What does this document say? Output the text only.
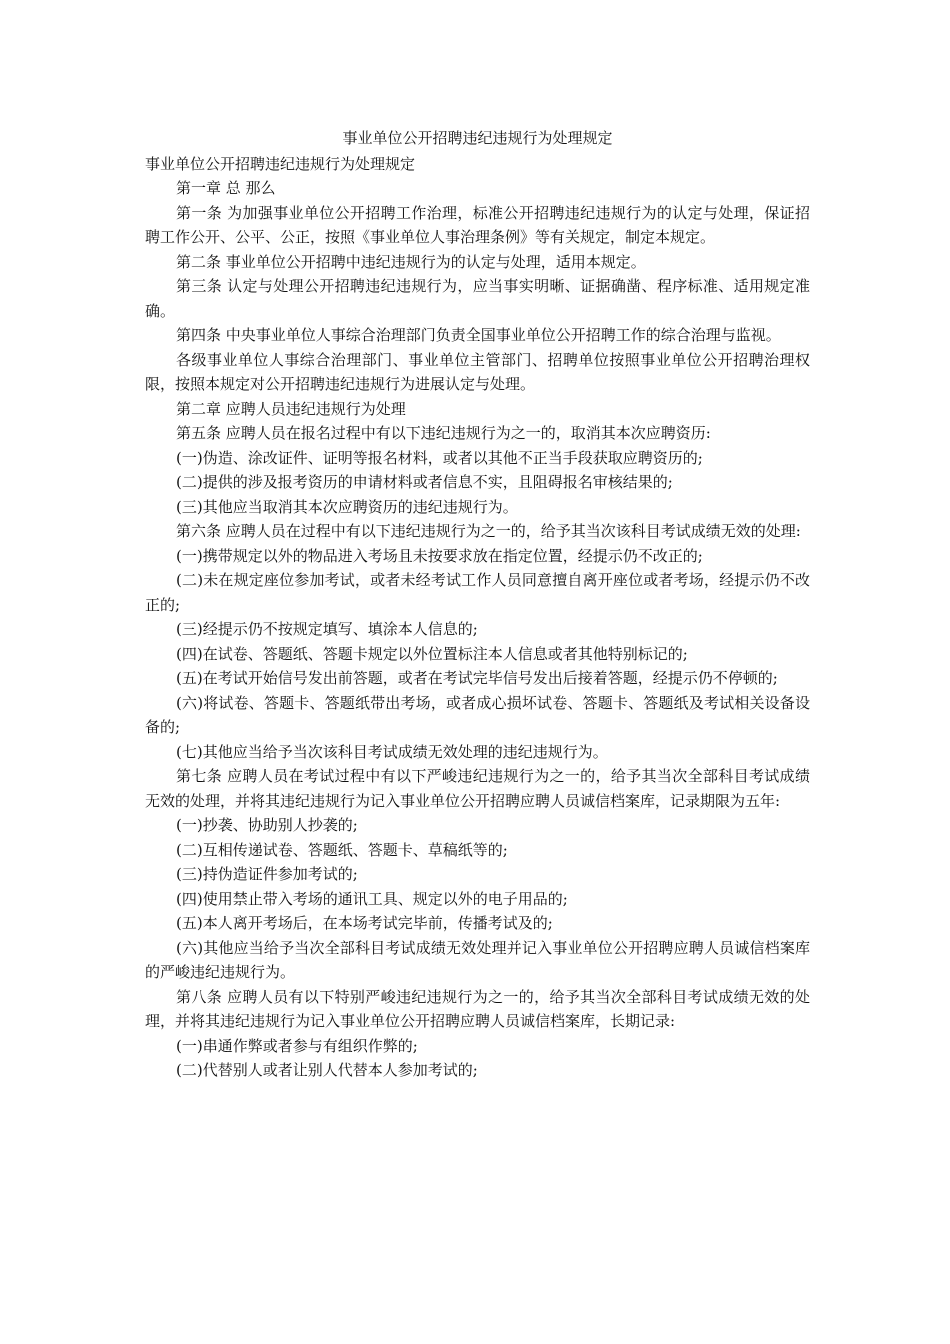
事业单位公开招聘违纪违规行为处理规定

事业单位公开招聘违纪违规行为处理规定

第一章 总 那么

第一条 为加强事业单位公开招聘工作治理，标准公开招聘违纪违规行为的认定与处理，保证招聘工作公开、公平、公正，按照《事业单位人事治理条例》等有关规定，制定本规定。

第二条 事业单位公开招聘中违纪违规行为的认定与处理，适用本规定。

第三条 认定与处理公开招聘违纪违规行为，应当事实明晰、证据确凿、程序标准、适用规定准确。

第四条 中央事业单位人事综合治理部门负责全国事业单位公开招聘工作的综合治理与监视。

各级事业单位人事综合治理部门、事业单位主管部门、招聘单位按照事业单位公开招聘治理权限，按照本规定对公开招聘违纪违规行为进展认定与处理。

第二章 应聘人员违纪违规行为处理

第五条 应聘人员在报名过程中有以下违纪违规行为之一的，取消其本次应聘资历:

(一)伪造、涂改证件、证明等报名材料，或者以其他不正当手段获取应聘资历的;

(二)提供的涉及报考资历的申请材料或者信息不实，且阻碍报名审核结果的;

(三)其他应当取消其本次应聘资历的违纪违规行为。

第六条 应聘人员在过程中有以下违纪违规行为之一的，给予其当次该科目考试成绩无效的处理:

(一)携带规定以外的物品进入考场且未按要求放在指定位置，经提示仍不改正的;

(二)未在规定座位参加考试，或者未经考试工作人员同意擅自离开座位或者考场，经提示仍不改正的;

(三)经提示仍不按规定填写、填涂本人信息的;

(四)在试卷、答题纸、答题卡规定以外位置标注本人信息或者其他特别标记的;

(五)在考试开始信号发出前答题，或者在考试完毕信号发出后接着答题，经提示仍不停顿的;

(六)将试卷、答题卡、答题纸带出考场，或者成心损坏试卷、答题卡、答题纸及考试相关设备设备的;

(七)其他应当给予当次该科目考试成绩无效处理的违纪违规行为。

第七条 应聘人员在考试过程中有以下严峻违纪违规行为之一的，给予其当次全部科目考试成绩无效的处理，并将其违纪违规行为记入事业单位公开招聘应聘人员诚信档案库，记录期限为五年:

(一)抄袭、协助别人抄袭的;

(二)互相传递试卷、答题纸、答题卡、草稿纸等的;

(三)持伪造证件参加考试的;

(四)使用禁止带入考场的通讯工具、规定以外的电子用品的;

(五)本人离开考场后，在本场考试完毕前，传播考试及的;

(六)其他应当给予当次全部科目考试成绩无效处理并记入事业单位公开招聘应聘人员诚信档案库的严峻违纪违规行为。

第八条 应聘人员有以下特别严峻违纪违规行为之一的，给予其当次全部科目考试成绩无效的处理，并将其违纪违规行为记入事业单位公开招聘应聘人员诚信档案库，长期记录:

(一)串通作弊或者参与有组织作弊的;

(二)代替别人或者让别人代替本人参加考试的;
